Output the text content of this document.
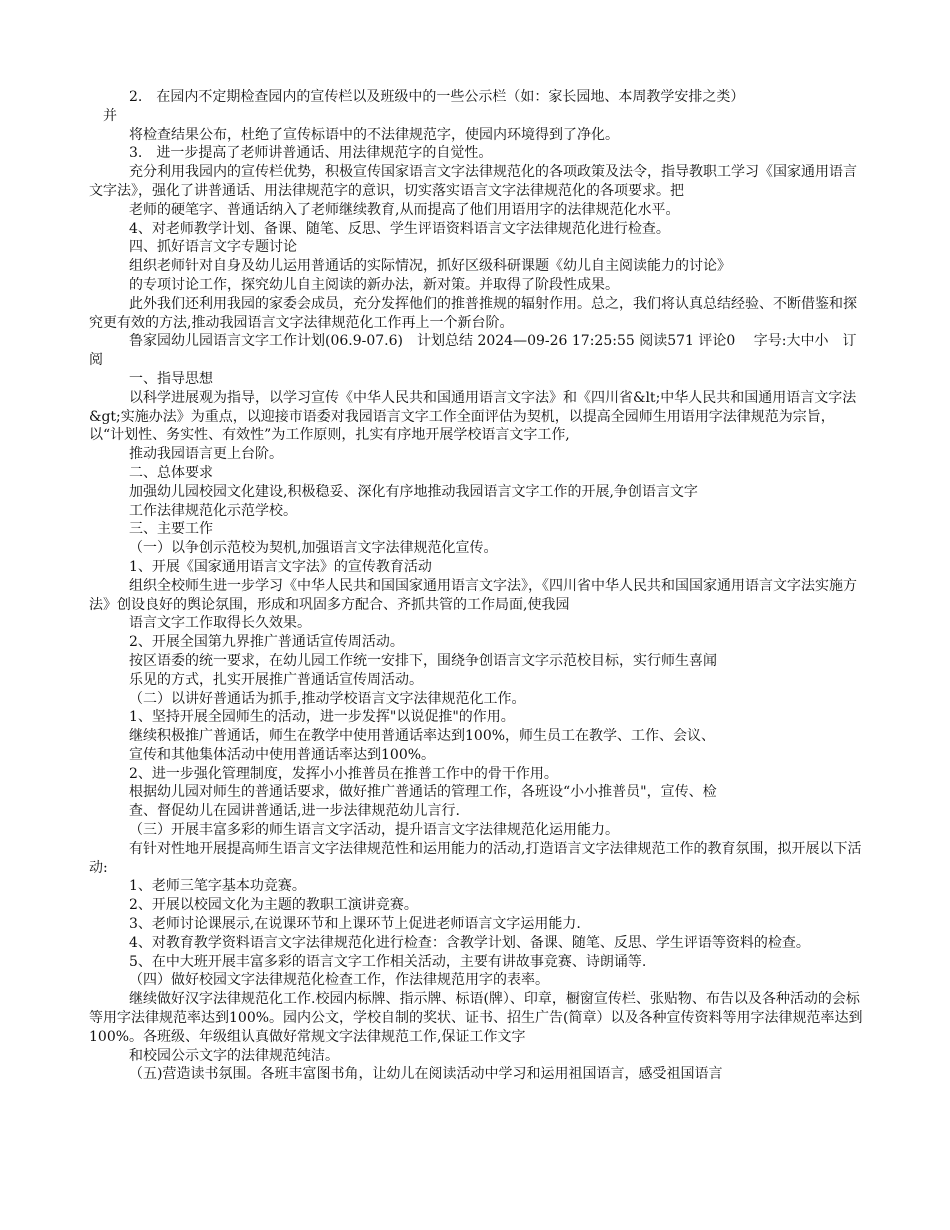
2.　在园内不定期检查园内的宣传栏以及班级中的一些公示栏（如：家长园地、本周教学安排之类）

　并

将检查结果公布，杜绝了宣传标语中的不法律规范字，使园内环境得到了净化。

3.　进一步提高了老师讲普通话、用法律规范字的自觉性。

充分利用我园内的宣传栏优势，积极宣传国家语言文字法律规范化的各项政策及法令，指导教职工学习《国家通用语言文字法》，强化了讲普通话、用法律规范字的意识，切实落实语言文字法律规范化的各项要求。把

老师的硬笔字、普通话纳入了老师继续教育,从而提高了他们用语用字的法律规范化水平。

4、对老师教学计划、备课、随笔、反思、学生评语资料语言文字法律规范化进行检查。

四、抓好语言文字专题讨论

组织老师针对自身及幼儿运用普通话的实际情况，抓好区级科研课题《幼儿自主阅读能力的讨论》

的专项讨论工作，探究幼儿自主阅读的新办法，新对策。并取得了阶段性成果。

此外我们还利用我园的家委会成员，充分发挥他们的推普推规的辐射作用。总之，我们将认真总结经验、不断借鉴和探究更有效的方法,推动我园语言文字法律规范化工作再上一个新台阶。

鲁家园幼儿园语言文字工作计划(06.9-07.6)　计划总结 2024—09-26 17:25:55 阅读571 评论0　 字号:大中小　订阅

一、指导思想

以科学进展观为指导，以学习宣传《中华人民共和国通用语言文字法》和《四川省&lt;中华人民共和国通用语言文字法&gt;实施办法》为重点，以迎接市语委对我园语言文字工作全面评估为契机，以提高全园师生用语用字法律规范为宗旨，以“计划性、务实性、有效性”为工作原则，扎实有序地开展学校语言文字工作,

推动我园语言更上台阶。

二、总体要求

加强幼儿园校园文化建设,积极稳妥、深化有序地推动我园语言文字工作的开展,争创语言文字

工作法律规范化示范学校。

三、主要工作

（一）以争创示范校为契机,加强语言文字法律规范化宣传。

1、开展《国家通用语言文字法》的宣传教育活动

组织全校师生进一步学习《中华人民共和国国家通用语言文字法》，《四川省中华人民共和国国家通用语言文字法实施方法》创设良好的舆论氛围，形成和巩固多方配合、齐抓共管的工作局面,使我园

语言文字工作取得长久效果。

2、开展全国第九界推广普通话宣传周活动。

按区语委的统一要求，在幼儿园工作统一安排下，围绕争创语言文字示范校目标，实行师生喜闻

乐见的方式，扎实开展推广普通话宣传周活动。

（二）以讲好普通话为抓手,推动学校语言文字法律规范化工作。

1、坚持开展全园师生的活动，进一步发挥"以说促推"的作用。

继续积极推广普通话，师生在教学中使用普通话率达到100%，师生员工在教学、工作、会议、

宣传和其他集体活动中使用普通话率达到100%。

2、进一步强化管理制度，发挥小小推普员在推普工作中的骨干作用。

根据幼儿园对师生的普通话要求，做好推广普通话的管理工作，各班设“小小推普员"，宣传、检

查、督促幼儿在园讲普通话,进一步法律规范幼儿言行.

（三）开展丰富多彩的师生语言文字活动，提升语言文字法律规范化运用能力。

有针对性地开展提高师生语言文字法律规范性和运用能力的活动,打造语言文字法律规范工作的教育氛围，拟开展以下活动:

1、老师三笔字基本功竞赛。

2、开展以校园文化为主题的教职工演讲竞赛。

3、老师讨论课展示,在说课环节和上课环节上促进老师语言文字运用能力.

4、对教育教学资料语言文字法律规范化进行检查：含教学计划、备课、随笔、反思、学生评语等资料的检查。

5、在中大班开展丰富多彩的语言文字工作相关活动，主要有讲故事竞赛、诗朗诵等.

（四）做好校园文字法律规范化检查工作，作法律规范用字的表率。

继续做好汉字法律规范化工作.校园内标牌、指示牌、标语(牌）、印章，橱窗宣传栏、张贴物、布告以及各种活动的会标等用字法律规范率达到100%。园内公文，学校自制的奖状、证书、招生广告(简章）以及各种宣传资料等用字法律规范率达到100%。各班级、年级组认真做好常规文字法律规范工作,保证工作文字

和校园公示文字的法律规范纯洁。

（五)营造读书氛围。各班丰富图书角，让幼儿在阅读活动中学习和运用祖国语言，感受祖国语言
